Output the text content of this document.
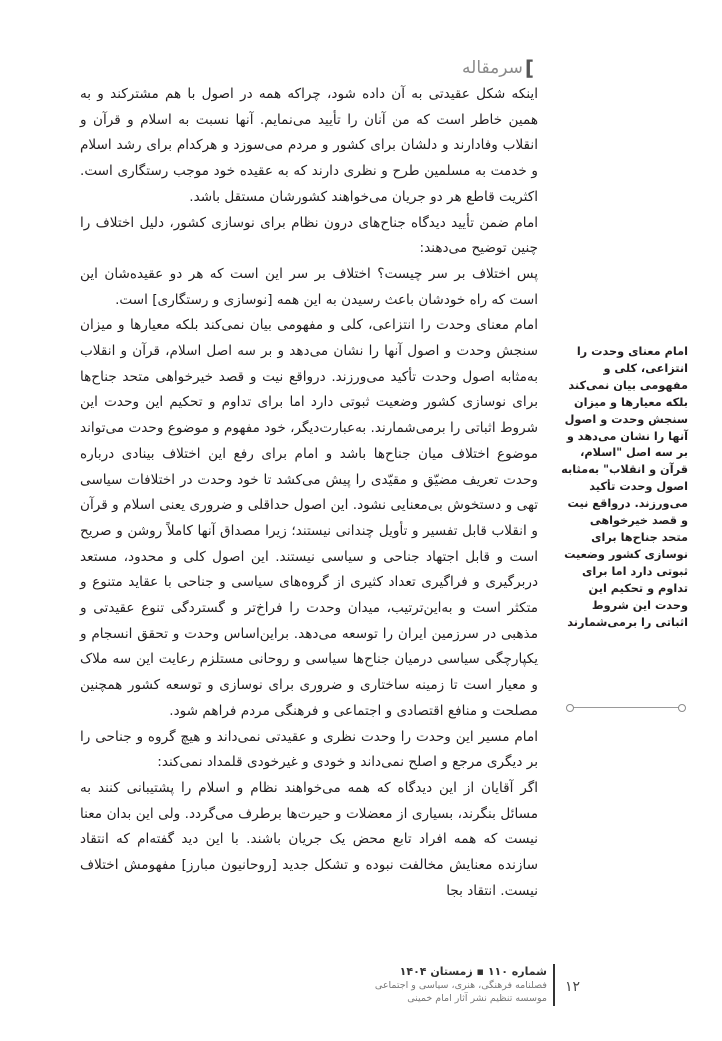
]
سرمقاله

اینکه شکل عقیدتی به آن داده شود، چراکه همه در اصول با هم مشترکند و به همین خاطر است که من آنان را تأیید می‌نمایم. آنها نسبت به اسلام و قرآن و انقلاب وفادارند و دلشان برای کشور و مردم می‌سوزد و هرکدام برای رشد اسلام و خدمت به مسلمین طرح و نظری دارند که به عقیده خود موجب رستگاری است. اکثریت قاطع هر دو جریان می‌خواهند کشورشان مستقل باشد.

امام ضمن تأیید دیدگاه جناح‌های درون نظام برای نوسازی کشور، دلیل اختلاف را چنین توضیح می‌دهند:

پس اختلاف بر سر چیست؟ اختلاف بر سر این است که هر دو عقیده‌شان این است که راه خودشان باعث رسیدن به این همه [نوسازی و رستگاری] است.

امام معنای وحدت را انتزاعی، کلی و مفهومی بیان نمی‌کند بلکه معیارها و میزان سنجش وحدت و اصول آنها را نشان می‌دهد و بر سه اصل اسلام، قرآن و انقلاب به‌مثابه اصول وحدت تأکید می‌ورزند. درواقع نیت و قصد خیرخواهی متحد جناح‌ها برای نوسازی کشور وضعیت ثبوتی دارد اما برای تداوم و تحکیم این وحدت این شروط اثباتی را برمی‌شمارند. به‌عبارت‌دیگر، خود مفهوم و موضوع وحدت می‌تواند موضوع اختلاف میان جناح‌ها باشد و امام برای رفع این اختلاف بینادی درباره وحدت تعریف مضیّق و مقیّدی را پیش می‌کشد تا خود وحدت در اختلافات سیاسی تهی و دستخوش بی‌معنایی نشود. این اصول حداقلی و ضروری یعنی اسلام و قرآن و انقلاب قابل تفسیر و تأویل چندانی نیستند؛ زیرا مصداق آنها کاملاً روشن و صریح است و قابل اجتهاد جناحی و سیاسی نیستند. این اصول کلی و محدود، مستعد دربرگیری و فراگیری تعداد کثیری از گروه‌های سیاسی و جناحی با عقاید متنوع و متکثر است و به‌این‌ترتیب، میدان وحدت را فراخ‌تر و گستردگی تنوع عقیدتی و مذهبی در سرزمین ایران را توسعه می‌دهد. براین‌اساس وحدت و تحقق انسجام و یکپارچگی سیاسی درمیان جناح‌ها سیاسی و روحانی مستلزم رعایت این سه ملاک و معیار است تا زمینه ساختاری و ضروری برای نوسازی و توسعه کشور همچنین مصلحت و منافع اقتصادی و اجتماعی و فرهنگی مردم فراهم شود.

امام مسیر این وحدت را وحدت نظری و عقیدتی نمی‌داند و هیچ گروه و جناحی را بر دیگری مرجع و اصلح نمی‌داند و خودی و غیرخودی قلمداد نمی‌کند:

اگر آقایان از این دیدگاه که همه می‌خواهند نظام و اسلام را پشتیبانی کنند به مسائل بنگرند، بسیاری از معضلات و حیرت‌ها برطرف می‌گردد. ولی این بدان معنا نیست که همه افراد تابع محض یک جریان باشند. با این دید گفته‌ام که انتقاد سازنده معنایش مخالفت نبوده و تشکل جدید [روحانیون مبارز] مفهومش اختلاف نیست. انتقاد بجا

امام معنای وحدت را انتزاعی، کلی و مفهومی بیان نمی‌کند بلکه معیارها و میزان سنجش وحدت و اصول آنها را نشان می‌دهد و بر سه اصل "اسلام، قرآن و انقلاب" به‌مثابه اصول وحدت تأکید می‌ورزند. درواقع نیت و قصد خیرخواهی متحد جناح‌ها برای نوسازی کشور وضعیت ثبوتی دارد اما برای تداوم و تحکیم این وحدت این شروط اثباتی را برمی‌شمارند
۱۲
شماره ۱۱۰ ▪ زمستان ۱۴۰۴
فصلنامه فرهنگی، هنری، سیاسی و اجتماعی
موسسه تنظیم نشر آثار امام خمینی
